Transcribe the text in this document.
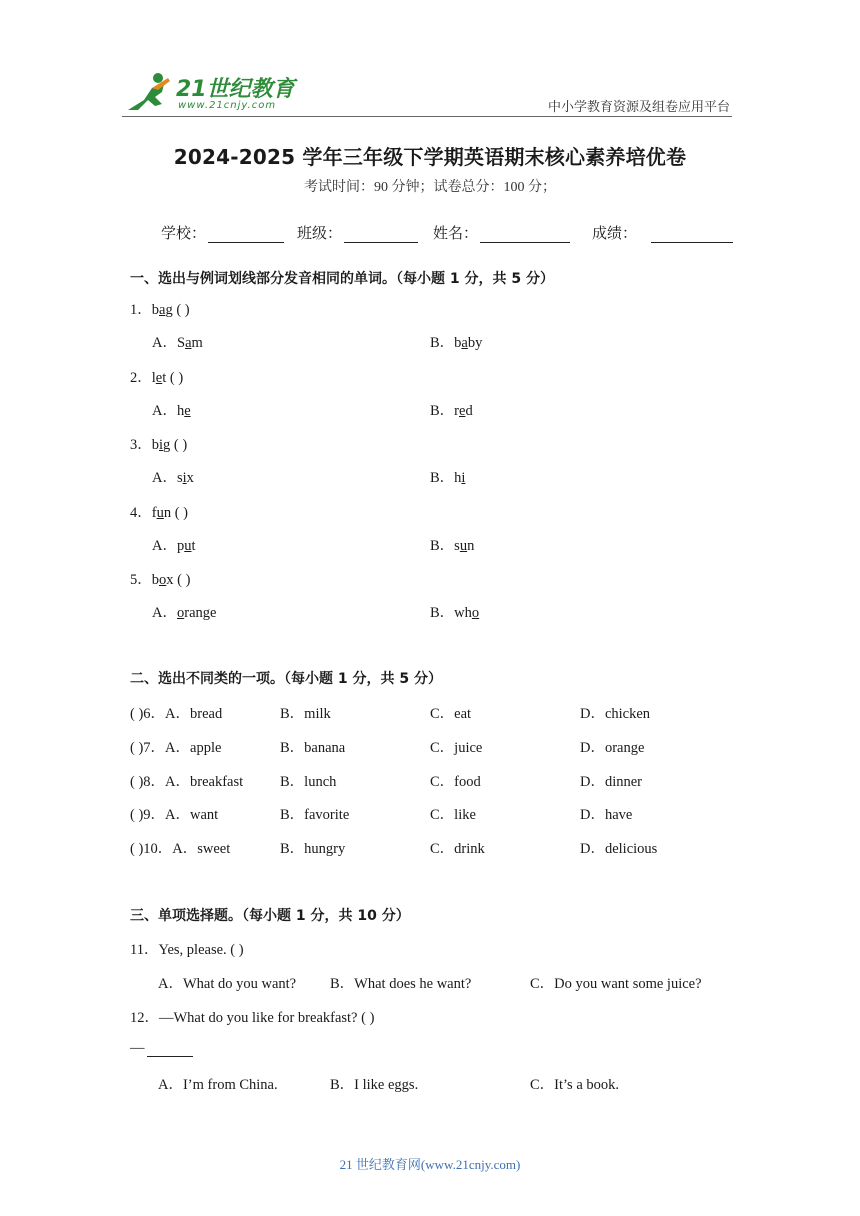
21世纪教育
www.21cnjy.com	中小学教育资源及组卷应用平台
2024-2025 学年三年级下学期英语期末核心素养培优卷
考试时间：90 分钟；试卷总分：100 分；
学校：	班级：	姓名：	成绩：
一、选出与例词划线部分发音相同的单词。（每小题 1 分，共 5 分）
1．bag ( )
A．Sam	B．baby
2．let ( )
A．he	B．red
3．big ( )
A．six	B．hi
4．fun ( )
A．put	B．sun
5．box ( )
A．orange	B．who
二、选出不同类的一项。（每小题 1 分，共 5 分）
( )6．A．bread	B．milk	C．eat	D．chicken
( )7．A．apple	B．banana	C．juice	D．orange
( )8．A．breakfast	B．lunch	C．food	D．dinner
( )9．A．want	B．favorite	C．like	D．have
( )10．A．sweet	B．hungry	C．drink	D．delicious
三、单项选择题。（每小题 1 分，共 10 分）
11．Yes, please. ( )
A．What do you want? B．What does he want?	C．Do you want some juice?
12．—What do you like for breakfast? ( )
—
A．I’m from China.	B．I like eggs.	C．It’s a book.
21 世纪教育网(www.21cnjy.com)
